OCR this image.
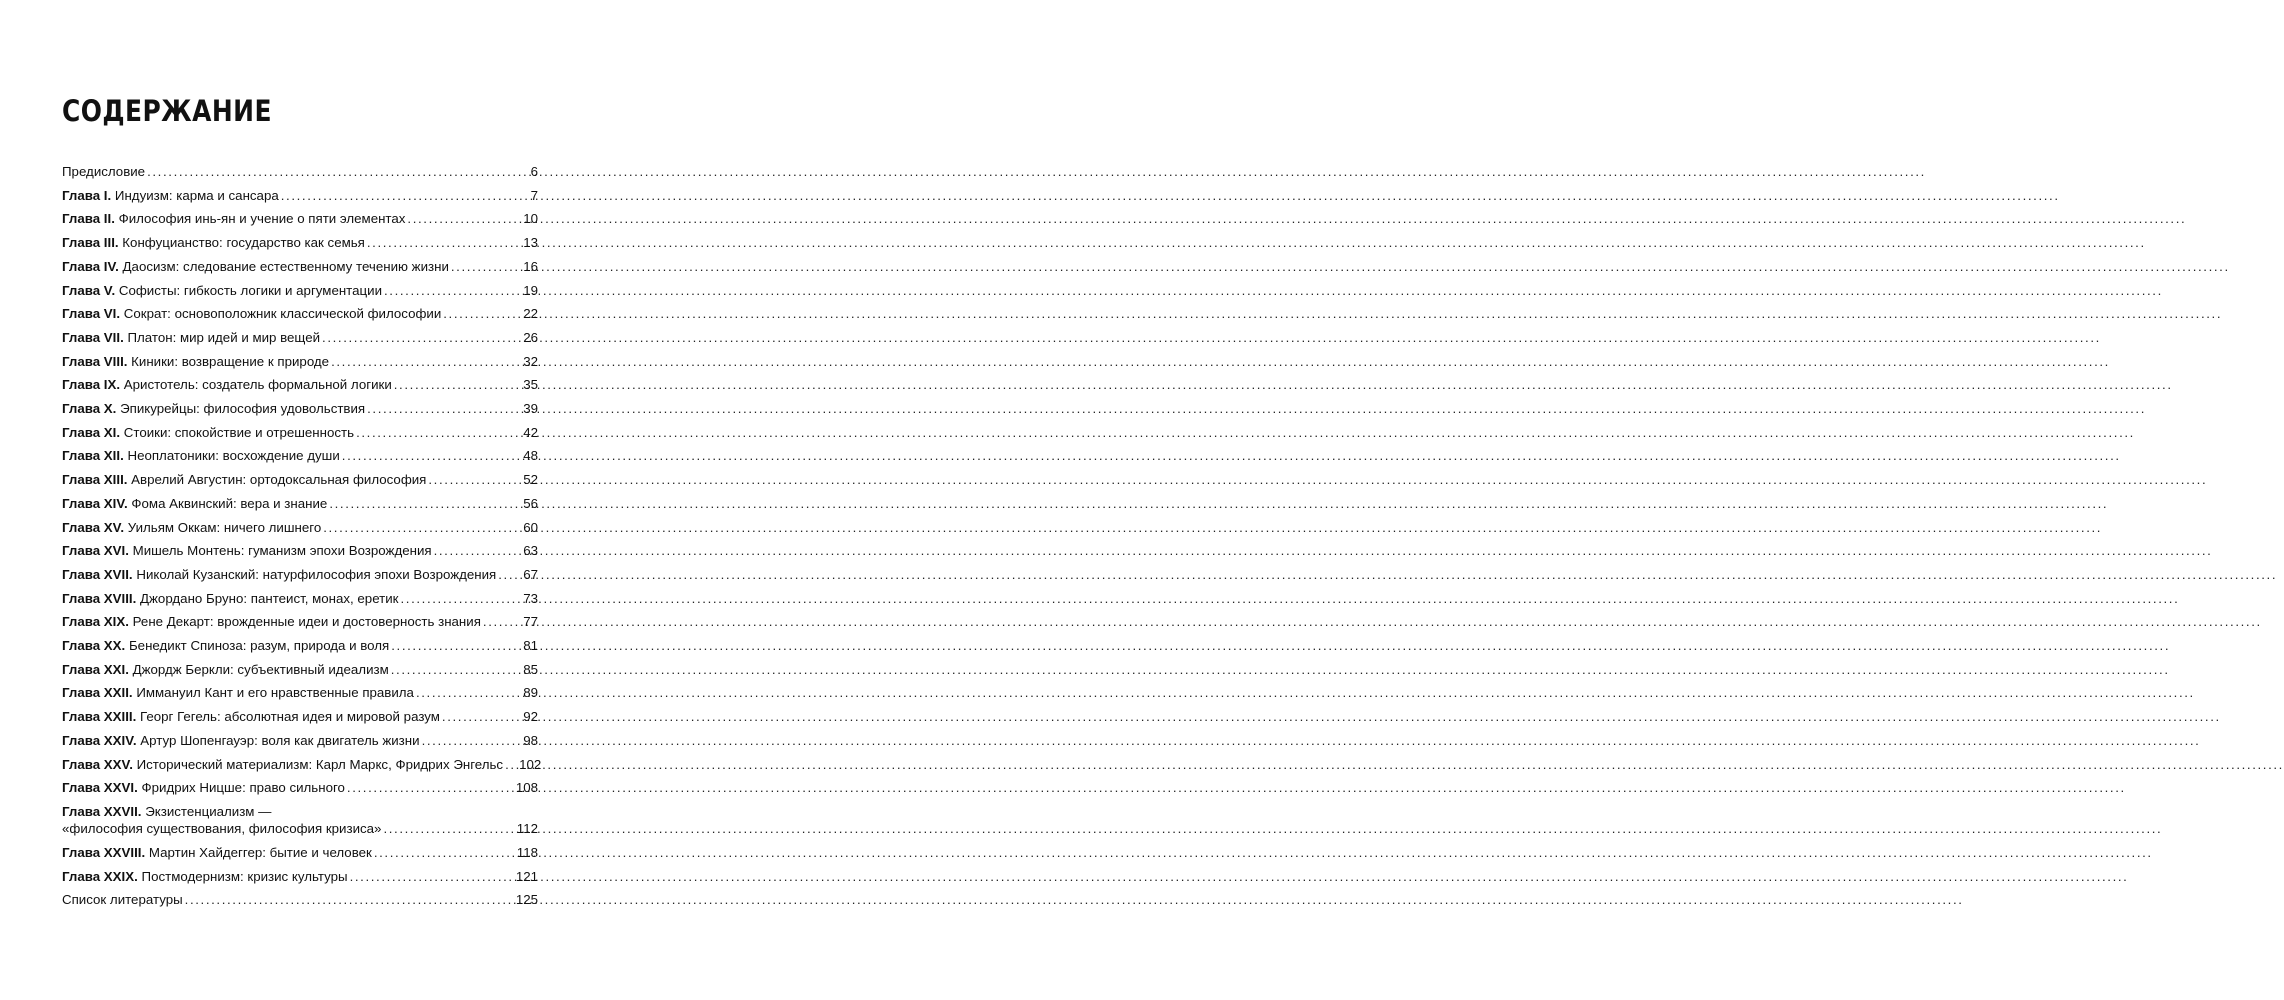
СОДЕРЖАНИЕ
Предисловие .....	6
Глава I. Индуизм: карма и сансара .....	7
Глава II. Философия инь-ян и учение о пяти элементах .....	10
Глава III. Конфуцианство: государство как семья .....	13
Глава IV. Даосизм: следование естественному течению жизни .....	16
Глава V. Софисты: гибкость логики и аргументации .....	19
Глава VI. Сократ: основоположник классической философии .....	22
Глава VII. Платон: мир идей и мир вещей .....	26
Глава VIII. Киники: возвращение к природе .....	32
Глава IX. Аристотель: создатель формальной логики .....	35
Глава X. Эпикурейцы: философия удовольствия .....	39
Глава XI. Стоики: спокойствие и отрешенность .....	42
Глава XII. Неоплатоники: восхождение души .....	48
Глава XIII. Аврелий Августин: ортодоксальная философия .....	52
Глава XIV. Фома Аквинский: вера и знание .....	56
Глава XV. Уильям Оккам: ничего лишнего .....	60
Глава XVI. Мишель Монтень: гуманизм эпохи Возрождения .....	63
Глава XVII. Николай Кузанский: натурфилософия эпохи Возрождения ..... 67
Глава XVIII. Джордано Бруно: пантеист, монах, еретик .....	73
Глава XIX. Рене Декарт: врожденные идеи и достоверность знания .....	77
Глава XX. Бенедикт Спиноза: разум, природа и воля .....	81
Глава XXI. Джордж Беркли: субъективный идеализм .....	85
Глава XXII. Иммануил Кант и его нравственные правила .....	89
Глава XXIII. Георг Гегель: абсолютная идея и мировой разум .....	92
Глава XXIV. Артур Шопенгауэр: воля как двигатель жизни .....	98
Глава XXV. Исторический материализм: Карл Маркс, Фридрих Энгельс ..... 102
Глава XXVI. Фридрих Ницше: право сильного .....	108
Глава XXVII. Экзистенциализм —
«философия существования, философия кризиса» .....	112
Глава XXVIII. Мартин Хайдеггер: бытие и человек .....	118
Глава XXIX. Постмодернизм: кризис культуры .....	121
Список литературы .....	125
